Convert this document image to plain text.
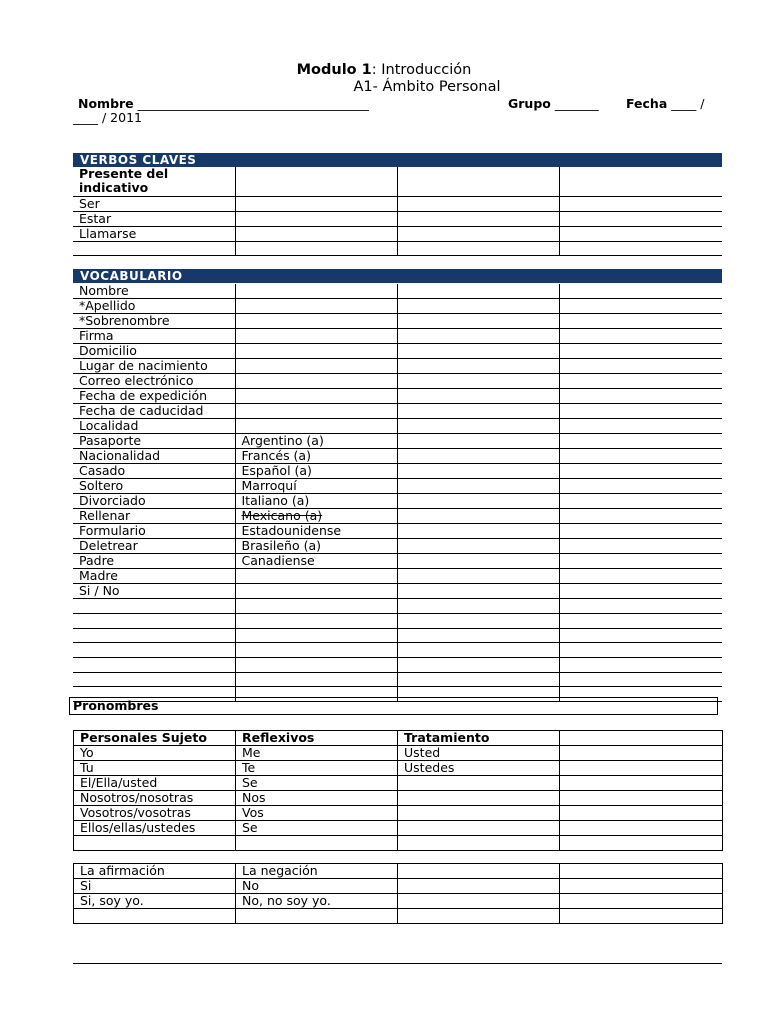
Modulo 1: Introducción
A1- Ámbito Personal
Nombre _____________________________________	Grupo _______ Fecha ____ /
____ / 2011
VERBOS CLAVES
Presente del
indicativo			
Ser			
Estar			
Llamarse			

VOCABULARIO
Nombre			
*Apellido			
*Sobrenombre			
Firma			
Domicilio			
Lugar de nacimiento			
Correo electrónico			
Fecha de expedición			
Fecha de caducidad			
Localidad			
Pasaporte	Argentino (a)		
Nacionalidad	Francés (a)		
Casado	Español (a)		
Soltero	Marroquí		
Divorciado	Italiano (a)		
Rellenar	Mexicano (a)		
Formulario	Estadounidense		
Deletrear	Brasileño (a)		
Padre	Canadiense		
Madre			
Si / No			

Pronombres
Personales Sujeto	Reflexivos	Tratamiento	
Yo	Me	Usted	
Tu	Te	Ustedes	
El/Ella/usted	Se		
Nosotros/nosotras	Nos		
Vosotros/vosotras	Vos		
Ellos/ellas/ustedes	Se		

La afirmación	La negación		
Si	No		
Si, soy yo.	No, no soy yo.		
